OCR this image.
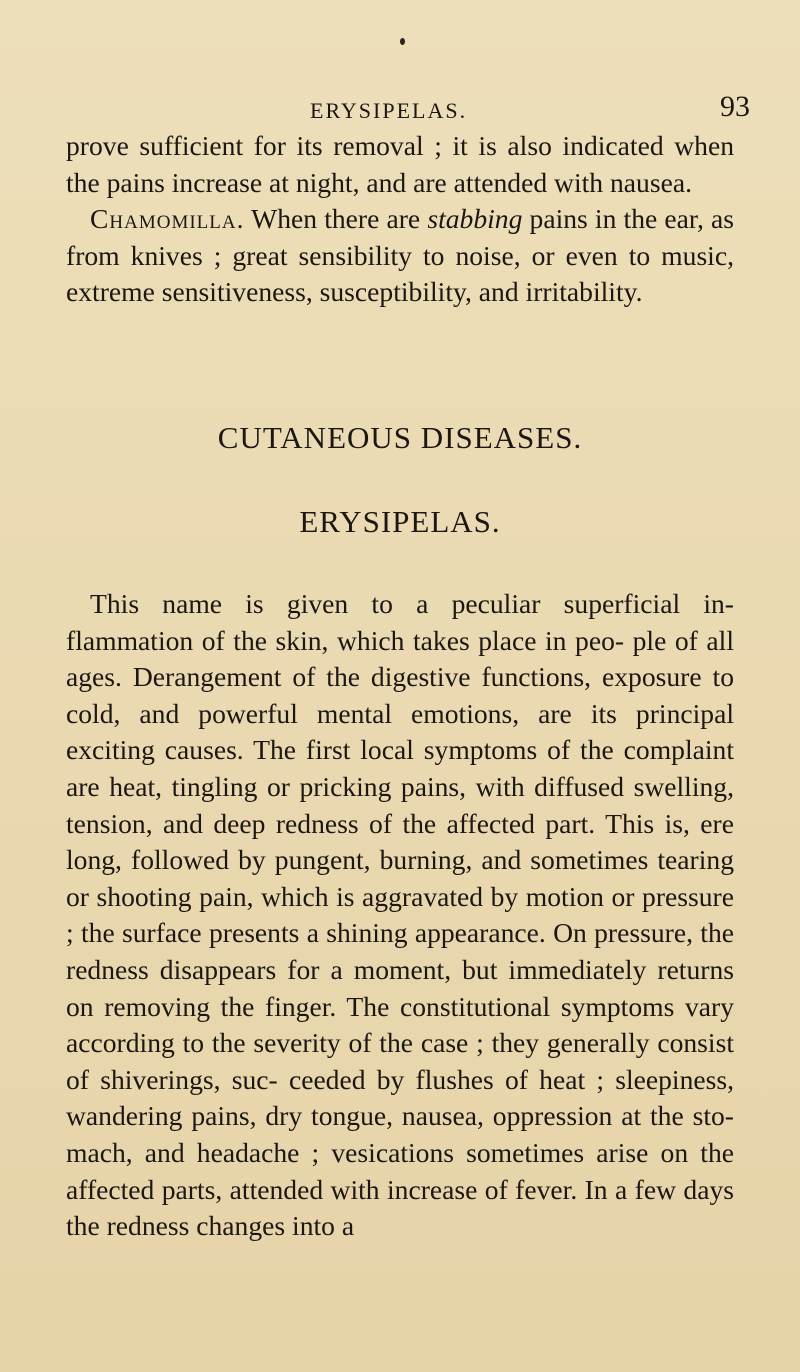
ERYSIPELAS.	93

prove sufficient for its removal ; it is also indicated when the pains increase at night, and are attended with nausea.

Chamomilla. When there are stabbing pains in the ear, as from knives ; great sensibility to noise, or even to music, extreme sensitiveness, susceptibility, and irritability.

CUTANEOUS DISEASES.
ERYSIPELAS.

This name is given to a peculiar superficial in- flammation of the skin, which takes place in peo- ple of all ages. Derangement of the digestive functions, exposure to cold, and powerful mental emotions, are its principal exciting causes. The first local symptoms of the complaint are heat, tingling or pricking pains, with diffused swelling, tension, and deep redness of the affected part. This is, ere long, followed by pungent, burning, and sometimes tearing or shooting pain, which is aggravated by motion or pressure ; the surface presents a shining appearance. On pressure, the redness disappears for a moment, but immediately returns on removing the finger. The constitutional symptoms vary according to the severity of the case ; they generally consist of shiverings, suc- ceeded by flushes of heat ; sleepiness, wandering pains, dry tongue, nausea, oppression at the sto- mach, and headache ; vesications sometimes arise on the affected parts, attended with increase of fever. In a few days the redness changes into a
